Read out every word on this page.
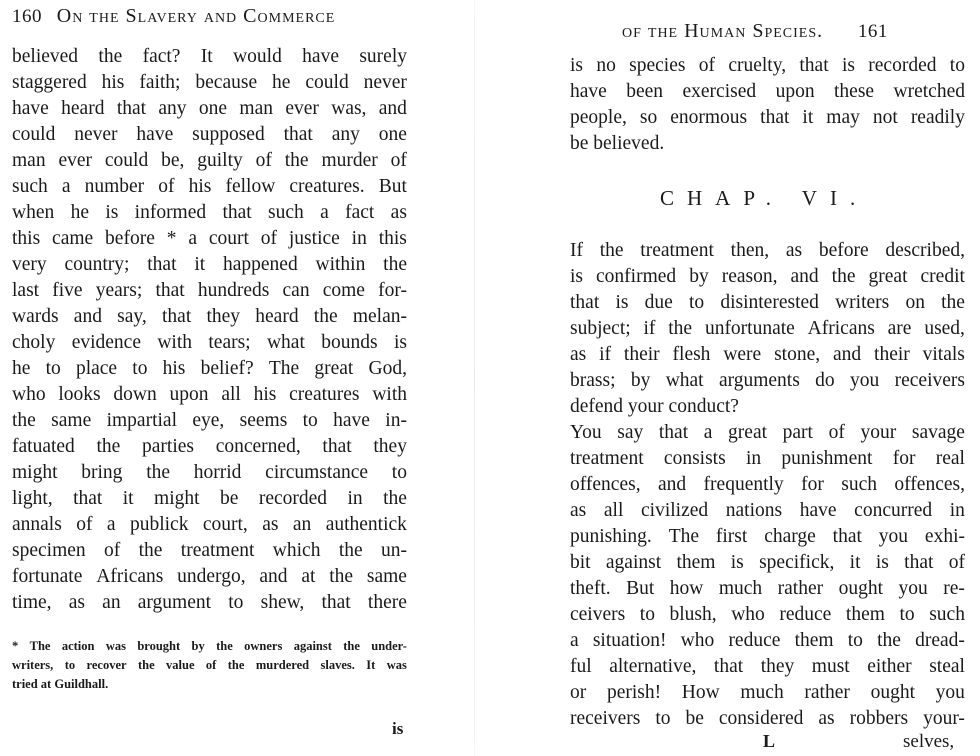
160 On the Slavery and Commerce
believed the fact? It would have surely
staggered his faith; because he could never
have heard that any one man ever was, and
could never have supposed that any one
man ever could be, guilty of the murder of
such a number of his fellow creatures. But
when he is informed that such a fact as
this came before * a court of justice in this
very country; that it happened within the
last five years; that hundreds can come for-
wards and say, that they heard the melan-
choly evidence with tears; what bounds is
he to place to his belief? The great God,
who looks down upon all his creatures with
the same impartial eye, seems to have in-
fatuated the parties concerned, that they
might bring the horrid circumstance to
light, that it might be recorded in the
annals of a publick court, as an authentick
specimen of the treatment which the un-
fortunate Africans undergo, and at the same
time, as an argument to shew, that there
* The action was brought by the owners against the under-
writers, to recover the value of the murdered slaves. It was
tried at Guildhall.
is
of the Human Species. 161
is no species of cruelty, that is recorded to
have been exercised upon these wretched
people, so enormous that it may not readily
be believed.
If the treatment then, as before described,
is confirmed by reason, and the great credit
that is due to disinterested writers on the
subject; if the unfortunate Africans are used,
as if their flesh were stone, and their vitals
brass; by what arguments do you receivers
defend your conduct?
You say that a great part of your savage
treatment consists in punishment for real
offences, and frequently for such offences,
as all civilized nations have concurred in
punishing. The first charge that you exhi-
bit against them is specifick, it is that of
theft. But how much rather ought you re-
ceivers to blush, who reduce them to such
a situation! who reduce them to the dread-
ful alternative, that they must either steal
or perish! How much rather ought you
receivers to be considered as robbers your-
CHAP. VI.
L	selves,
